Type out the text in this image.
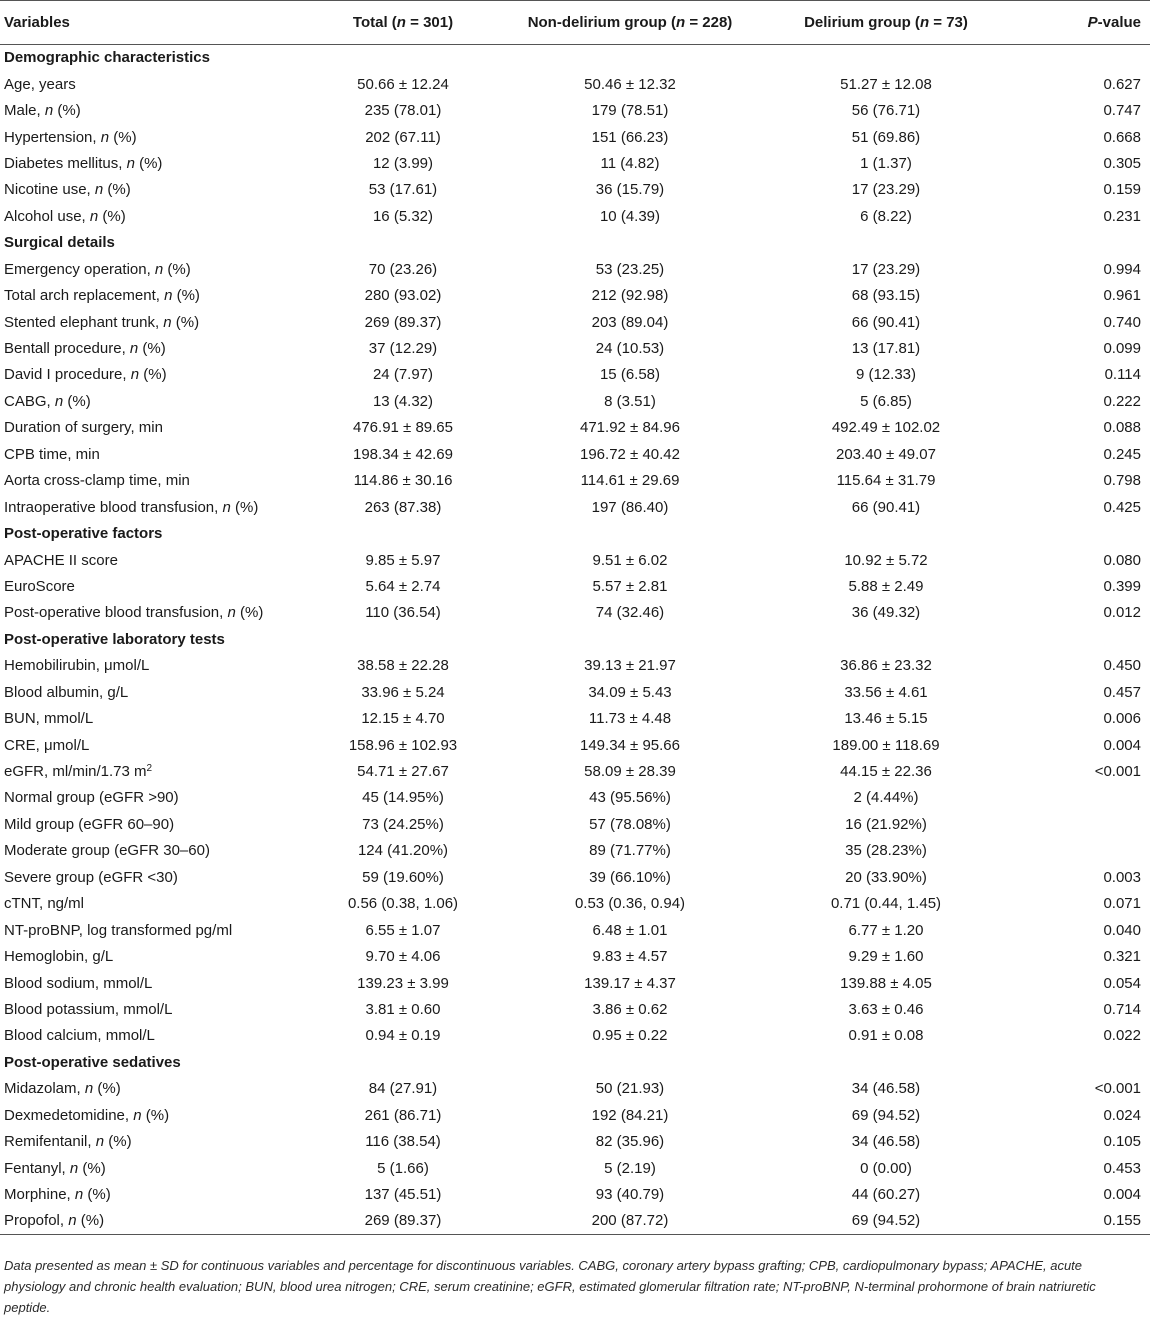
Variables	Total (n = 301)	Non-delirium group (n = 228)	Delirium group (n = 73)	P-value
Demographic characteristics				
Age, years	50.66 ± 12.24	50.46 ± 12.32	51.27 ± 12.08	0.627
Male, n (%)	235 (78.01)	179 (78.51)	56 (76.71)	0.747
Hypertension, n (%)	202 (67.11)	151 (66.23)	51 (69.86)	0.668
Diabetes mellitus, n (%)	12 (3.99)	11 (4.82)	1 (1.37)	0.305
Nicotine use, n (%)	53 (17.61)	36 (15.79)	17 (23.29)	0.159
Alcohol use, n (%)	16 (5.32)	10 (4.39)	6 (8.22)	0.231
Surgical details				
Emergency operation, n (%)	70 (23.26)	53 (23.25)	17 (23.29)	0.994
Total arch replacement, n (%)	280 (93.02)	212 (92.98)	68 (93.15)	0.961
Stented elephant trunk, n (%)	269 (89.37)	203 (89.04)	66 (90.41)	0.740
Bentall procedure, n (%)	37 (12.29)	24 (10.53)	13 (17.81)	0.099
David I procedure, n (%)	24 (7.97)	15 (6.58)	9 (12.33)	0.114
CABG, n (%)	13 (4.32)	8 (3.51)	5 (6.85)	0.222
Duration of surgery, min	476.91 ± 89.65	471.92 ± 84.96	492.49 ± 102.02	0.088
CPB time, min	198.34 ± 42.69	196.72 ± 40.42	203.40 ± 49.07	0.245
Aorta cross-clamp time, min	114.86 ± 30.16	114.61 ± 29.69	115.64 ± 31.79	0.798
Intraoperative blood transfusion, n (%)	263 (87.38)	197 (86.40)	66 (90.41)	0.425
Post-operative factors				
APACHE II score	9.85 ± 5.97	9.51 ± 6.02	10.92 ± 5.72	0.080
EuroScore	5.64 ± 2.74	5.57 ± 2.81	5.88 ± 2.49	0.399
Post-operative blood transfusion, n (%)	110 (36.54)	74 (32.46)	36 (49.32)	0.012
Post-operative laboratory tests				
Hemobilirubin, μmol/L	38.58 ± 22.28	39.13 ± 21.97	36.86 ± 23.32	0.450
Blood albumin, g/L	33.96 ± 5.24	34.09 ± 5.43	33.56 ± 4.61	0.457
BUN, mmol/L	12.15 ± 4.70	11.73 ± 4.48	13.46 ± 5.15	0.006
CRE, μmol/L	158.96 ± 102.93	149.34 ± 95.66	189.00 ± 118.69	0.004
eGFR, ml/min/1.73 $m^2$	54.71 ± 27.67	58.09 ± 28.39	44.15 ± 22.36	<0.001
Normal group (eGFR >90)	45 (14.95%)	43 (95.56%)	2 (4.44%)	
Mild group (eGFR 60–90)	73 (24.25%)	57 (78.08%)	16 (21.92%)	
Moderate group (eGFR 30–60)	124 (41.20%)	89 (71.77%)	35 (28.23%)	
Severe group (eGFR <30)	59 (19.60%)	39 (66.10%)	20 (33.90%)	0.003
cTNT, ng/ml	0.56 (0.38, 1.06)	0.53 (0.36, 0.94)	0.71 (0.44, 1.45)	0.071
NT-proBNP, log transformed pg/ml	6.55 ± 1.07	6.48 ± 1.01	6.77 ± 1.20	0.040
Hemoglobin, g/L	9.70 ± 4.06	9.83 ± 4.57	9.29 ± 1.60	0.321
Blood sodium, mmol/L	139.23 ± 3.99	139.17 ± 4.37	139.88 ± 4.05	0.054
Blood potassium, mmol/L	3.81 ± 0.60	3.86 ± 0.62	3.63 ± 0.46	0.714
Blood calcium, mmol/L	0.94 ± 0.19	0.95 ± 0.22	0.91 ± 0.08	0.022
Post-operative sedatives				
Midazolam, n (%)	84 (27.91)	50 (21.93)	34 (46.58)	<0.001
Dexmedetomidine, n (%)	261 (86.71)	192 (84.21)	69 (94.52)	0.024
Remifentanil, n (%)	116 (38.54)	82 (35.96)	34 (46.58)	0.105
Fentanyl, n (%)	5 (1.66)	5 (2.19)	0 (0.00)	0.453
Morphine, n (%)	137 (45.51)	93 (40.79)	44 (60.27)	0.004
Propofol, n (%)	269 (89.37)	200 (87.72)	69 (94.52)	0.155
Data presented as mean ± SD for continuous variables and percentage for discontinuous variables. CABG, coronary artery bypass grafting; CPB, cardiopulmonary bypass; APACHE, acute physiology and chronic health evaluation; BUN, blood urea nitrogen; CRE, serum creatinine; eGFR, estimated glomerular filtration rate; NT-proBNP, N-terminal prohormone of brain natriuretic peptide.
